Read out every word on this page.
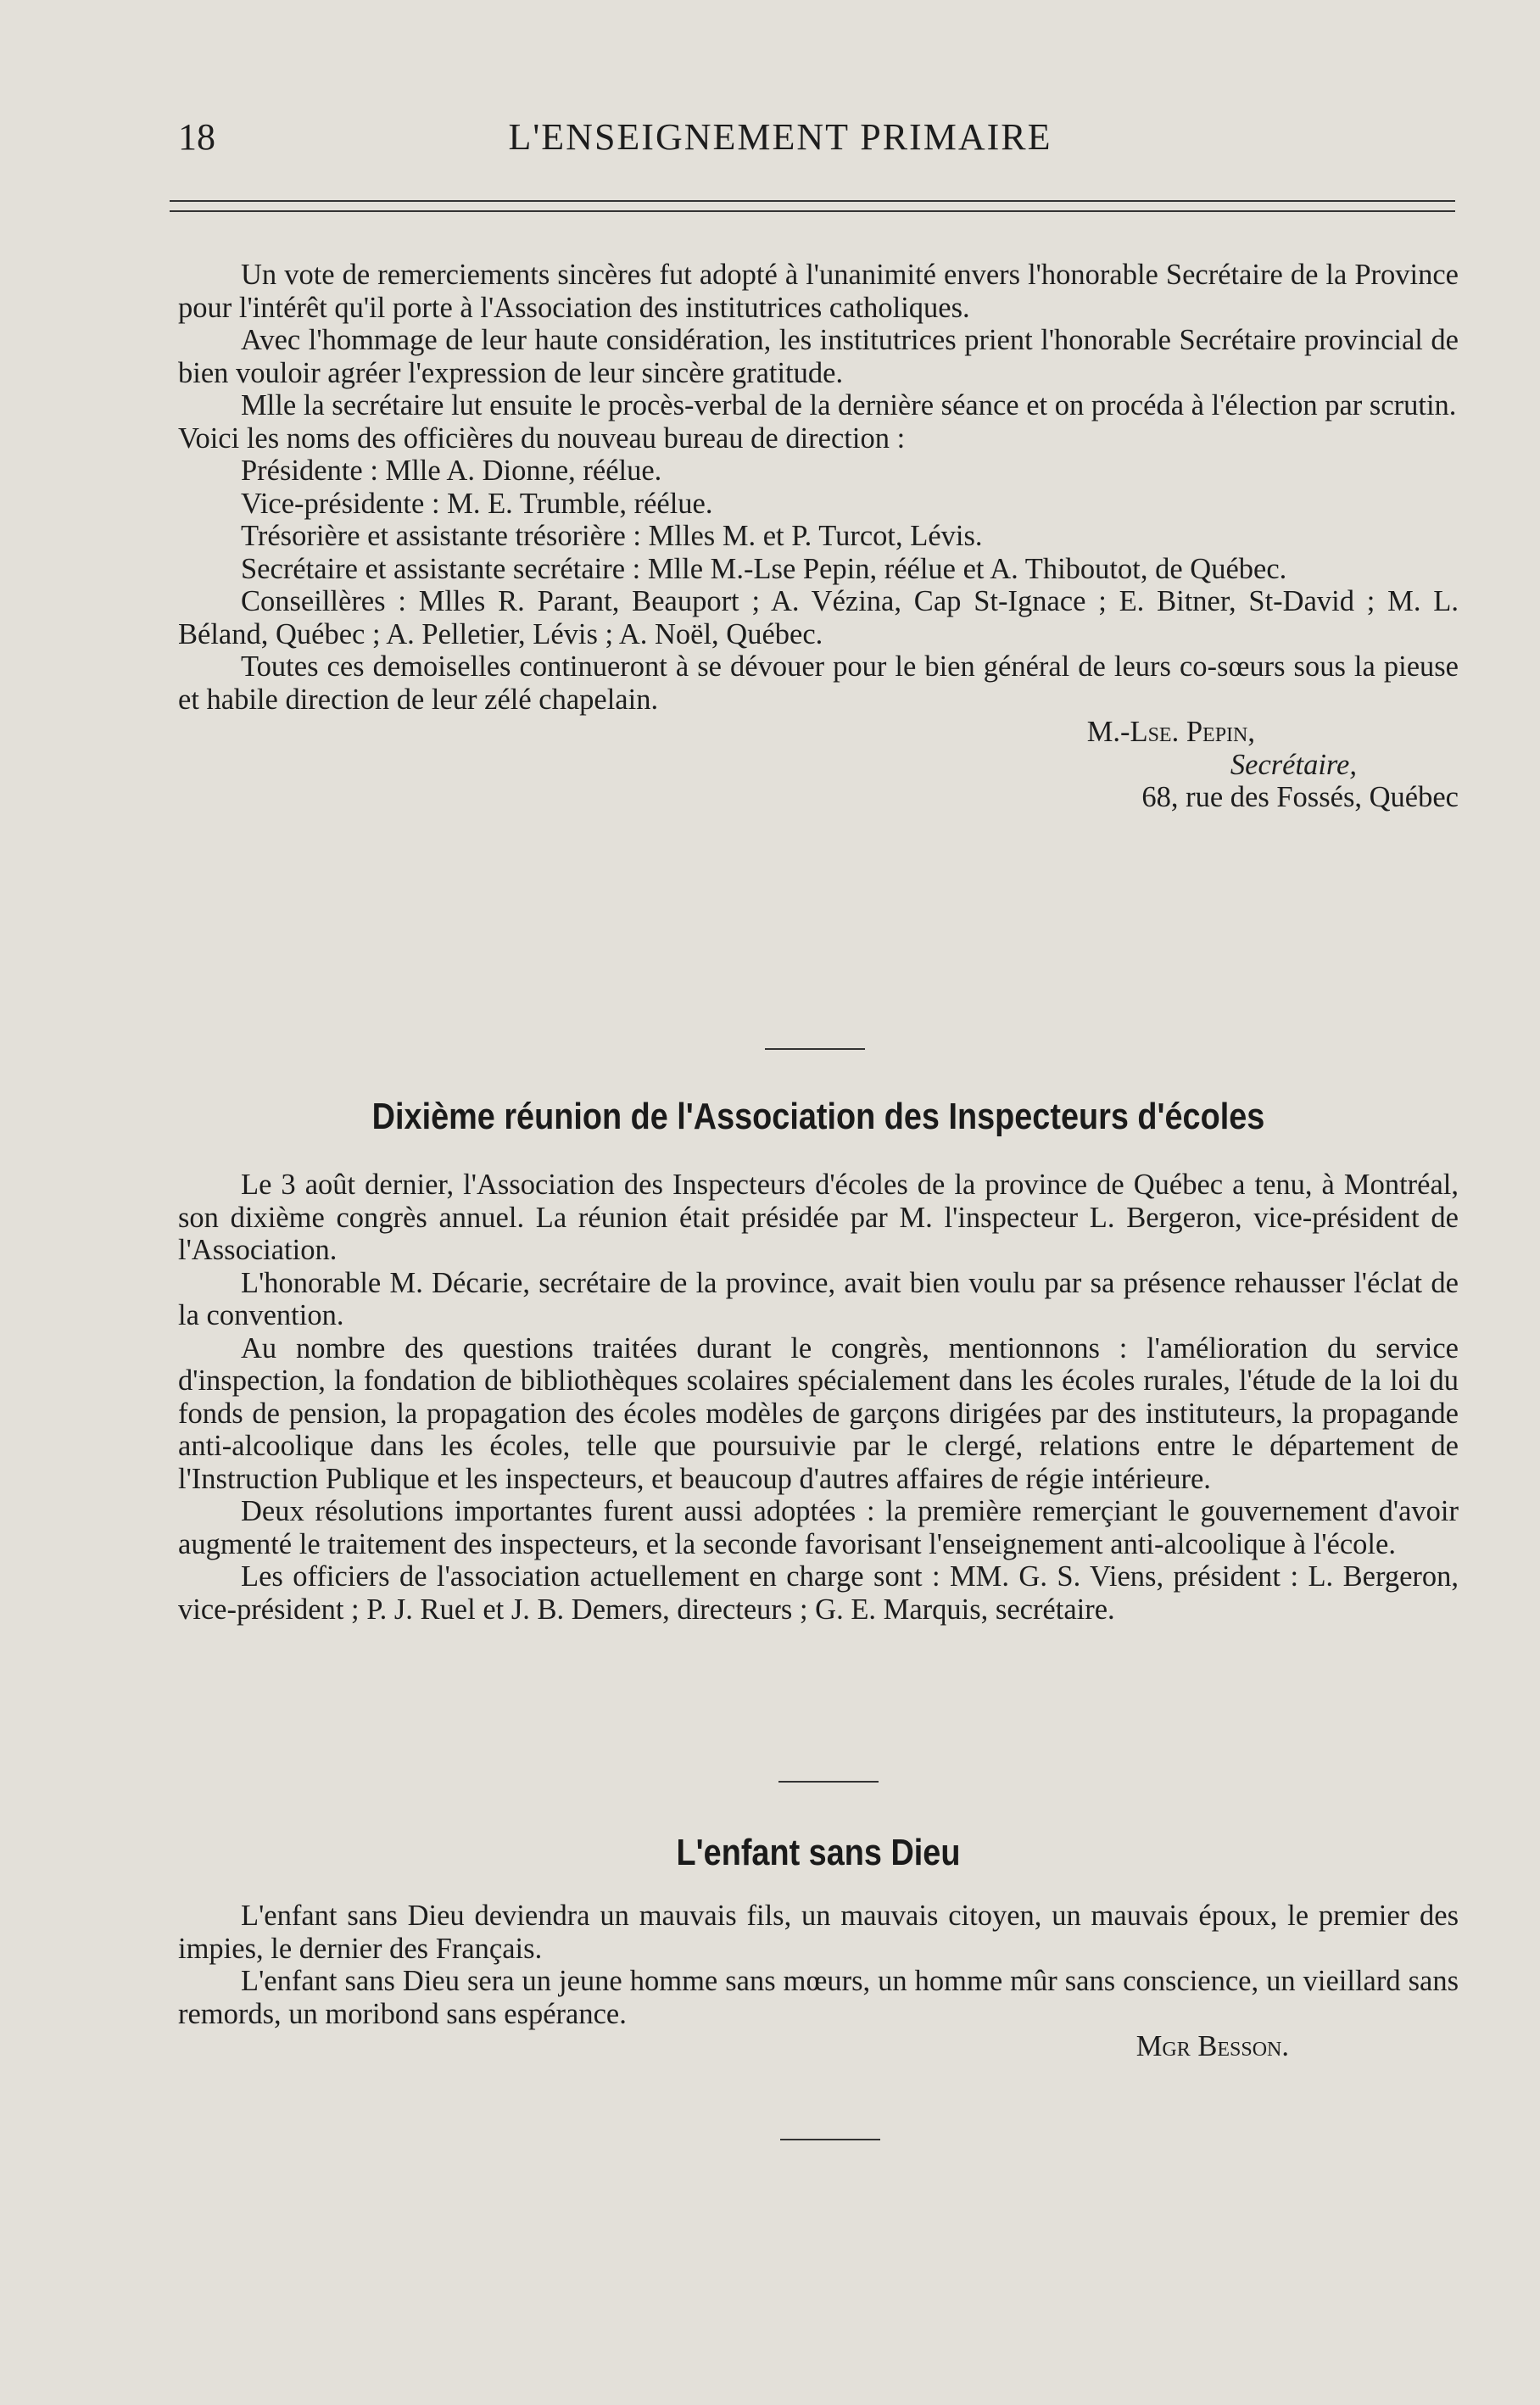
18	L'ENSEIGNEMENT PRIMAIRE

Un vote de remerciements sincères fut adopté à l'unanimité envers l'honorable Secrétaire de la Province pour l'intérêt qu'il porte à l'Association des institutrices catholiques.

Avec l'hommage de leur haute considération, les institutrices prient l'honorable Secrétaire provincial de bien vouloir agréer l'expression de leur sincère gratitude.

Mlle la secrétaire lut ensuite le procès-verbal de la dernière séance et on procéda à l'élection par scrutin.

Voici les noms des officières du nouveau bureau de direction :

Présidente : Mlle A. Dionne, réélue.

Vice-présidente : M. E. Trumble, réélue.

Trésorière et assistante trésorière : Mlles M. et P. Turcot, Lévis.

Secrétaire et assistante secrétaire : Mlle M.-Lse Pepin, réélue et A. Thiboutot, de Québec.

Conseillères : Mlles R. Parant, Beauport ; A. Vézina, Cap St-Ignace ; E. Bitner, St-David ; M. L. Béland, Québec ; A. Pelletier, Lévis ; A. Noël, Québec.

Toutes ces demoiselles continueront à se dévouer pour le bien général de leurs co-sœurs sous la pieuse et habile direction de leur zélé chapelain.

M.-Lse. Pepin,

Secrétaire,

68, rue des Fossés, Québec

Dixième réunion de l'Association des Inspecteurs d'écoles

Le 3 août dernier, l'Association des Inspecteurs d'écoles de la province de Québec a tenu, à Montréal, son dixième congrès annuel. La réunion était présidée par M. l'inspecteur L. Bergeron, vice-président de l'Association.

L'honorable M. Décarie, secrétaire de la province, avait bien voulu par sa présence rehausser l'éclat de la convention.

Au nombre des questions traitées durant le congrès, mentionnons : l'amélioration du service d'inspection, la fondation de bibliothèques scolaires spécialement dans les écoles rurales, l'étude de la loi du fonds de pension, la propagation des écoles modèles de garçons dirigées par des instituteurs, la propagande anti-alcoolique dans les écoles, telle que poursuivie par le clergé, relations entre le département de l'Instruction Publique et les inspecteurs, et beaucoup d'autres affaires de régie intérieure.

Deux résolutions importantes furent aussi adoptées : la première remerçiant le gouvernement d'avoir augmenté le traitement des inspecteurs, et la seconde favorisant l'enseignement anti-alcoolique à l'école.

Les officiers de l'association actuellement en charge sont : MM. G. S. Viens, président : L. Bergeron, vice-président ; P. J. Ruel et J. B. Demers, directeurs ; G. E. Marquis, secrétaire.

L'enfant sans Dieu

L'enfant sans Dieu deviendra un mauvais fils, un mauvais citoyen, un mauvais époux, le premier des impies, le dernier des Français.

L'enfant sans Dieu sera un jeune homme sans mœurs, un homme mûr sans conscience, un vieillard sans remords, un moribond sans espérance.

Mgr Besson.
